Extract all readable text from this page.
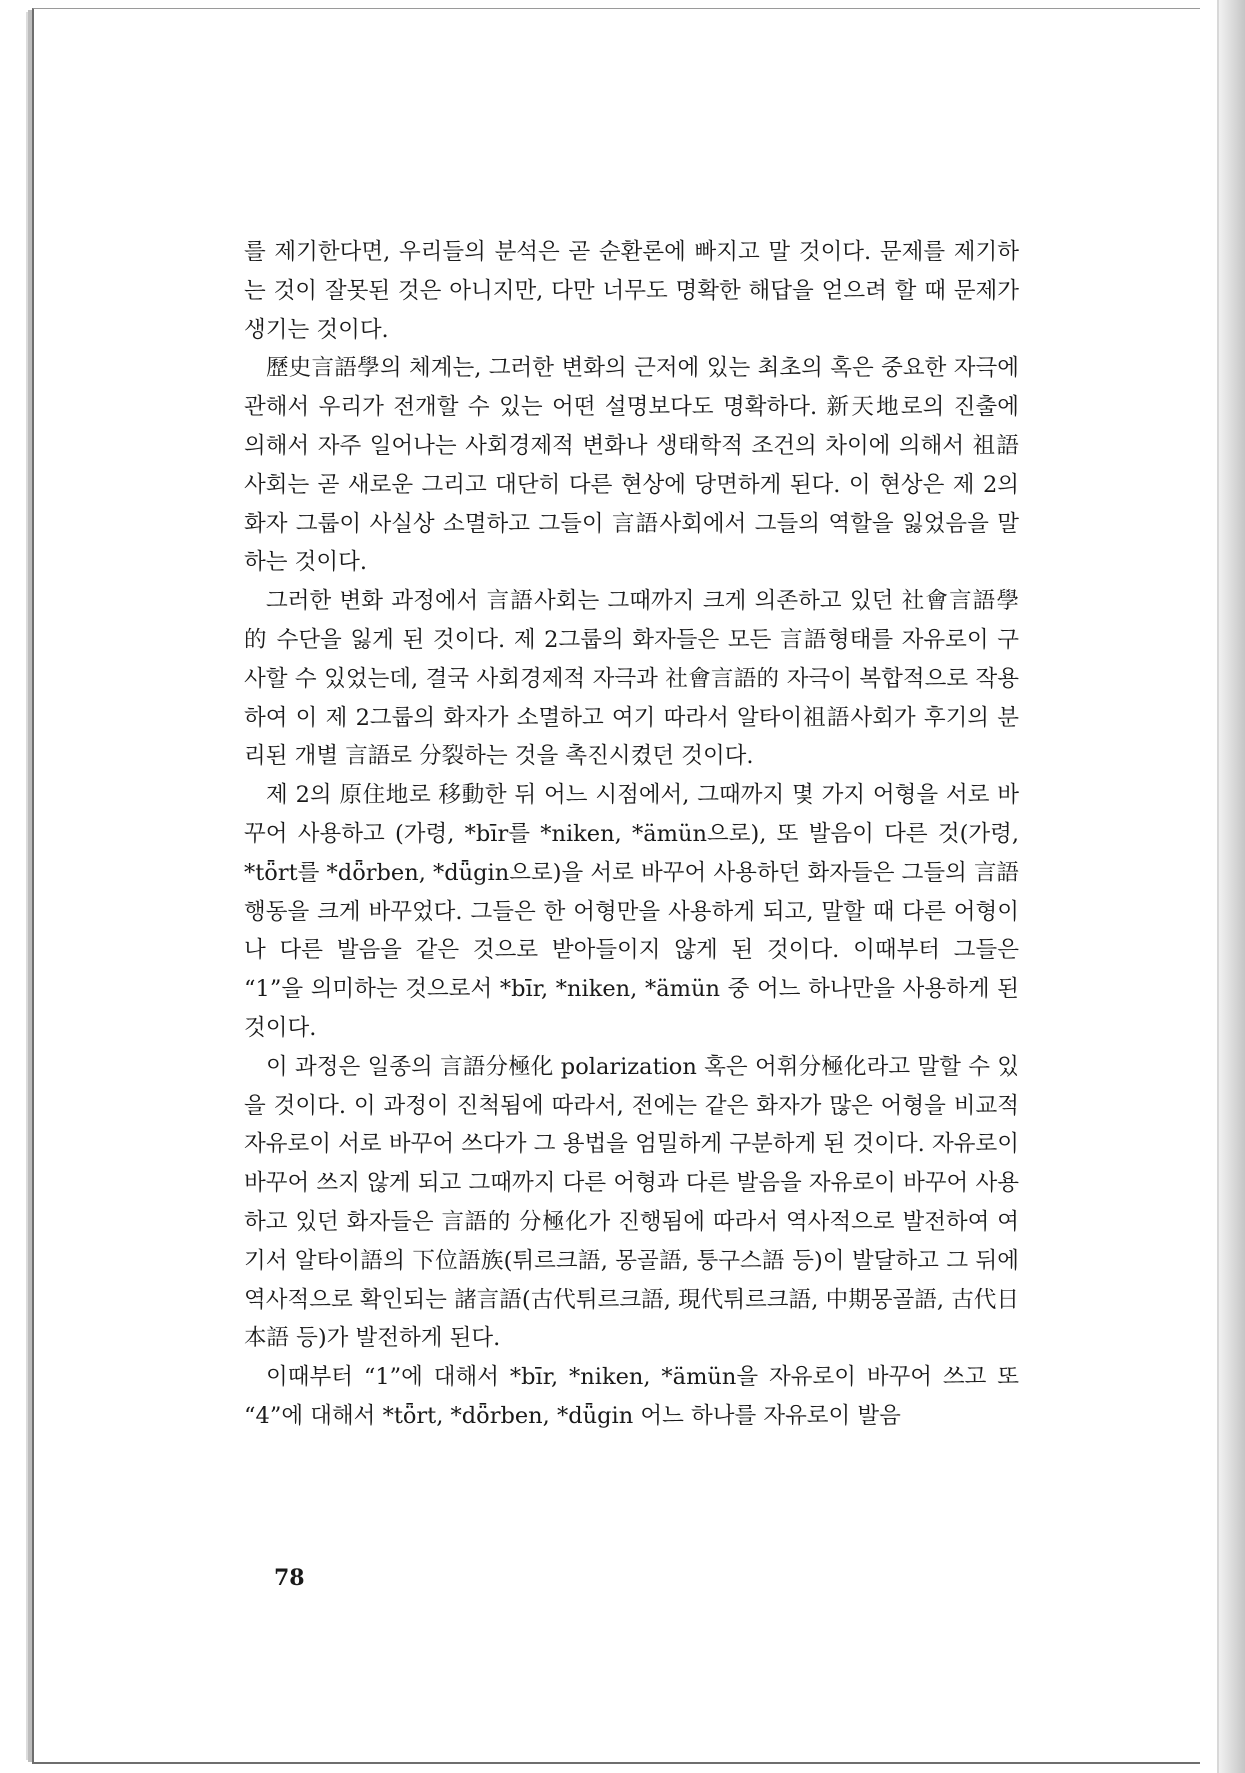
를 제기한다면, 우리들의 분석은 곧 순환론에 빠지고 말 것이다. 문제를 제기하는 것이 잘못된 것은 아니지만, 다만 너무도 명확한 해답을 얻으려 할 때 문제가 생기는 것이다.

歷史言語學의 체계는, 그러한 변화의 근저에 있는 최초의 혹은 중요한 자극에 관해서 우리가 전개할 수 있는 어떤 설명보다도 명확하다. 新天地로의 진출에 의해서 자주 일어나는 사회경제적 변화나 생태학적 조건의 차이에 의해서 祖語사회는 곧 새로운 그리고 대단히 다른 현상에 당면하게 된다. 이 현상은 제 2의 화자 그룹이 사실상 소멸하고 그들이 言語사회에서 그들의 역할을 잃었음을 말하는 것이다.

그러한 변화 과정에서 言語사회는 그때까지 크게 의존하고 있던 社會言語學的 수단을 잃게 된 것이다. 제 2그룹의 화자들은 모든 言語형태를 자유로이 구사할 수 있었는데, 결국 사회경제적 자극과 社會言語的 자극이 복합적으로 작용하여 이 제 2그룹의 화자가 소멸하고 여기 따라서 알타이祖語사회가 후기의 분리된 개별 言語로 分裂하는 것을 촉진시켰던 것이다.

제 2의 原住地로 移動한 뒤 어느 시점에서, 그때까지 몇 가지 어형을 서로 바꾸어 사용하고 (가령, *bīr를 *niken, *ämün으로), 또 발음이 다른 것(가령, *tȫrt를 *dȫrben, *dǖgin으로)을 서로 바꾸어 사용하던 화자들은 그들의 言語행동을 크게 바꾸었다. 그들은 한 어형만을 사용하게 되고, 말할 때 다른 어형이나 다른 발음을 같은 것으로 받아들이지 않게 된 것이다. 이때부터 그들은 “1”을 의미하는 것으로서 *bīr, *niken, *ämün 중 어느 하나만을 사용하게 된 것이다.

이 과정은 일종의 言語分極化 polarization 혹은 어휘分極化라고 말할 수 있을 것이다. 이 과정이 진척됨에 따라서, 전에는 같은 화자가 많은 어형을 비교적 자유로이 서로 바꾸어 쓰다가 그 용법을 엄밀하게 구분하게 된 것이다. 자유로이 바꾸어 쓰지 않게 되고 그때까지 다른 어형과 다른 발음을 자유로이 바꾸어 사용하고 있던 화자들은 言語的 分極化가 진행됨에 따라서 역사적으로 발전하여 여기서 알타이語의 下位語族(튀르크語, 몽골語, 퉁구스語 등)이 발달하고 그 뒤에 역사적으로 확인되는 諸言語(古代튀르크語, 現代튀르크語, 中期몽골語, 古代日本語 등)가 발전하게 된다.

이때부터 “1”에 대해서 *bīr, *niken, *ämün을 자유로이 바꾸어 쓰고 또 “4”에 대해서 *tȫrt, *dȫrben, *dǖgin 어느 하나를 자유로이 발음

78
